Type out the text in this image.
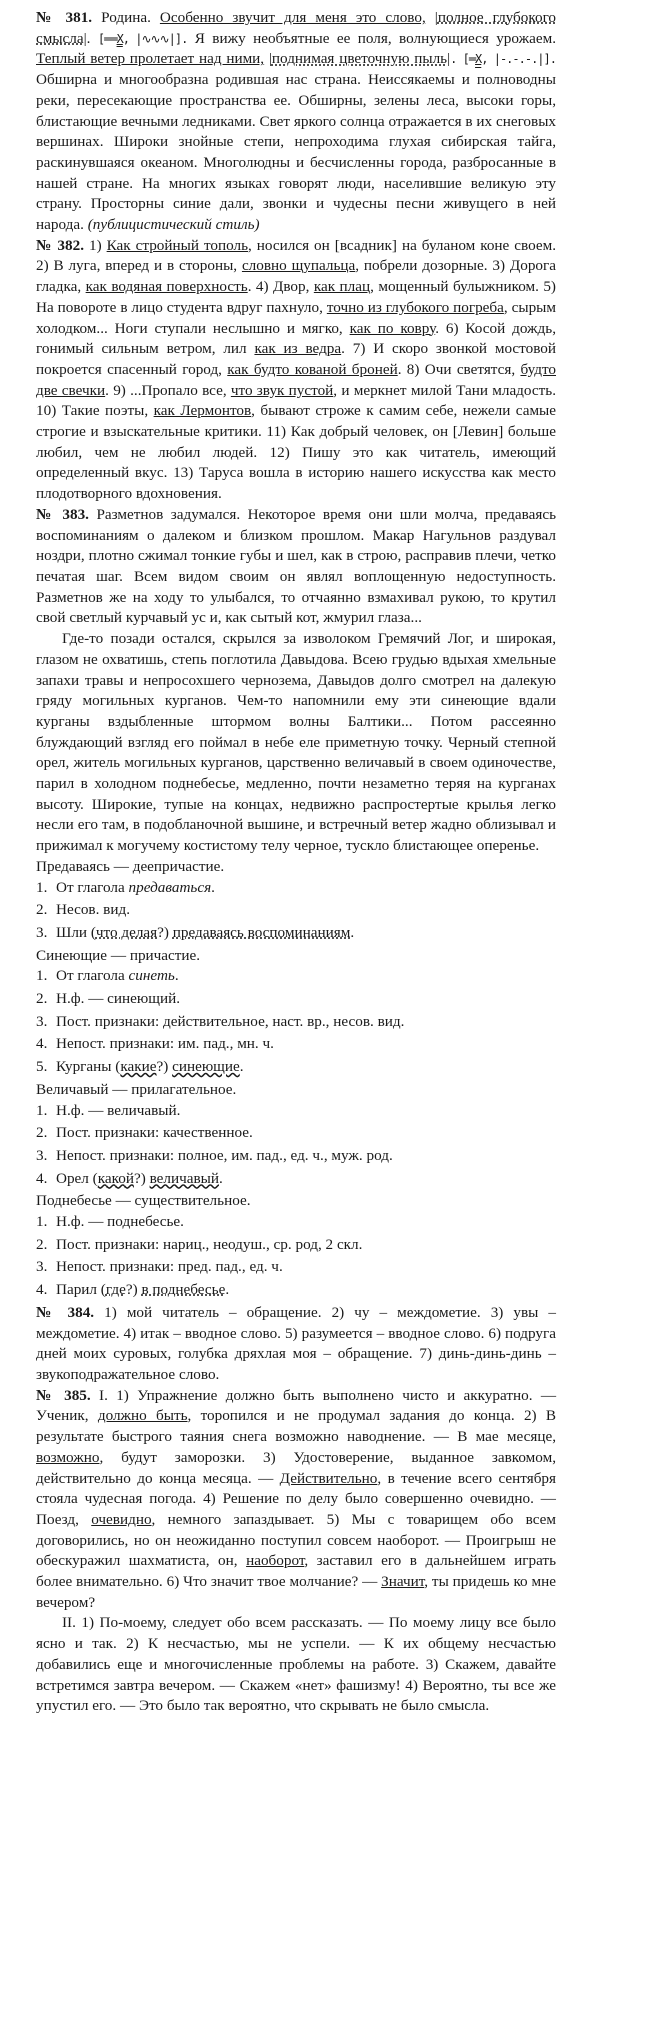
№ 381. Родина. Особенно звучит для меня это слово, |полное глубокого смысла|. [══X, |∿∿∿|]. Я вижу необъятные ее поля, волнующиеся урожаем. Теплый ветер пролетает над ними, |поднимая цветочную пыль|. [═X, |-.-.-.|]. Обширна и многообразна родившая нас страна. Неиссякаемы и полноводны реки, пересекающие пространства ее. Обширны, зелены леса, высоки горы, блистающие вечными ледниками. Свет яркого солнца отражается в их снеговых вершинах. Широки знойные степи, непроходима глухая сибирская тайга, раскинувшаяся океаном. Многолюдны и бесчисленны города, разбросанные в нашей стране. На многих языках говорят люди, населившие великую эту страну. Просторны синие дали, звонки и чудесны песни живущего в ней народа. (публицистический стиль)

№ 382. 1) Как стройный тополь, носился он [всадник] на буланом коне своем. 2) В луга, вперед и в стороны, словно щупальца, побрели дозорные. 3) Дорога гладка, как водяная поверхность. 4) Двор, как плац, мощенный булыжником. 5) На повороте в лицо студента вдруг пахнуло, точно из глубокого погреба, сырым холодком... Ноги ступали неслышно и мягко, как по ковру. 6) Косой дождь, гонимый сильным ветром, лил как из ведра. 7) И скоро звонкой мостовой покроется спасенный город, как будто кованой броней. 8) Очи светятся, будто две свечки. 9) ...Пропало все, что звук пустой, и меркнет милой Тани младость. 10) Такие поэты, как Лермонтов, бывают строже к самим себе, нежели самые строгие и взыскательные критики. 11) Как добрый человек, он [Левин] больше любил, чем не любил людей. 12) Пишу это как читатель, имеющий определенный вкус. 13) Таруса вошла в историю нашего искусства как место плодотворного вдохновения.

№ 383. Разметнов задумался. Некоторое время они шли молча, предаваясь воспоминаниям о далеком и близком прошлом. Макар Нагульнов раздувал ноздри, плотно сжимал тонкие губы и шел, как в строю, расправив плечи, четко печатая шаг. Всем видом своим он являл воплощенную недоступность. Разметнов же на ходу то улыбался, то отчаянно взмахивал рукою, то крутил свой светлый курчавый ус и, как сытый кот, жмурил глаза...

Где-то позади остался, скрылся за изволоком Гремячий Лог, и широкая, глазом не охватишь, степь поглотила Давыдова. Всею грудью вдыхая хмельные запахи травы и непросохшего чернозема, Давыдов долго смотрел на далекую гряду могильных курганов. Чем-то напомнили ему эти синеющие вдали курганы вздыбленные штормом волны Балтики... Потом рассеянно блуждающий взгляд его поймал в небе еле приметную точку. Черный степной орел, житель могильных курганов, царственно величавый в своем одиночестве, парил в холодном поднебесье, медленно, почти незаметно теряя на курганах высоту. Широкие, тупые на концах, недвижно распростертые крылья легко несли его там, в подобланочной вышине, и встречный ветер жадно облизывал и прижимал к могучему костистому телу черное, тускло блистающее оперенье.

Предаваясь — деепричастие.

1. От глагола предаваться.
2. Несов. вид.
3. Шли (что делая?) предаваясь воспоминаниям.

Синеющие — причастие.

1. От глагола синеть.
2. Н.ф. — синеющий.
3. Пост. признаки: действительное, наст. вр., несов. вид.
4. Непост. признаки: им. пад., мн. ч.
5. Курганы (какие?) синеющие.

Величавый — прилагательное.

1. Н.ф. — величавый.
2. Пост. признаки: качественное.
3. Непост. признаки: полное, им. пад., ед. ч., муж. род.
4. Орел (какой?) величавый.

Поднебесье — существительное.

1. Н.ф. — поднебесье.
2. Пост. признаки: нариц., неодуш., ср. род, 2 скл.
3. Непост. признаки: пред. пад., ед. ч.
4. Парил (где?) в поднебесье.

№ 384. 1) мой читатель – обращение. 2) чу – междометие. 3) увы – междометие. 4) итак – вводное слово. 5) разумеется – вводное слово. 6) подруга дней моих суровых, голубка дряхлая моя – обращение. 7) динь-динь-динь – звукоподражательное слово.

№ 385. I. 1) Упражнение должно быть выполнено чисто и аккуратно. — Ученик, должно быть, торопился и не продумал задания до конца. 2) В результате быстрого таяния снега возможно наводнение. — В мае месяце, возможно, будут заморозки. 3) Удостоверение, выданное завкомом, действительно до конца месяца. — Действительно, в течение всего сентября стояла чудесная погода. 4) Решение по делу было совершенно очевидно. — Поезд, очевидно, немного запаздывает. 5) Мы с товарищем обо всем договорились, но он неожиданно поступил совсем наоборот. — Проигрыш не обескуражил шахматиста, он, наоборот, заставил его в дальнейшем играть более внимательно. 6) Что значит твое молчание? — Значит, ты придешь ко мне вечером?

II. 1) По-моему, следует обо всем рассказать. — По моему лицу все было ясно и так. 2) К несчастью, мы не успели. — К их общему несчастью добавились еще и многочисленные проблемы на работе. 3) Скажем, давайте встретимся завтра вечером. — Скажем «нет» фашизму! 4) Вероятно, ты все же упустил его. — Это было так вероятно, что скрывать не было смысла.
